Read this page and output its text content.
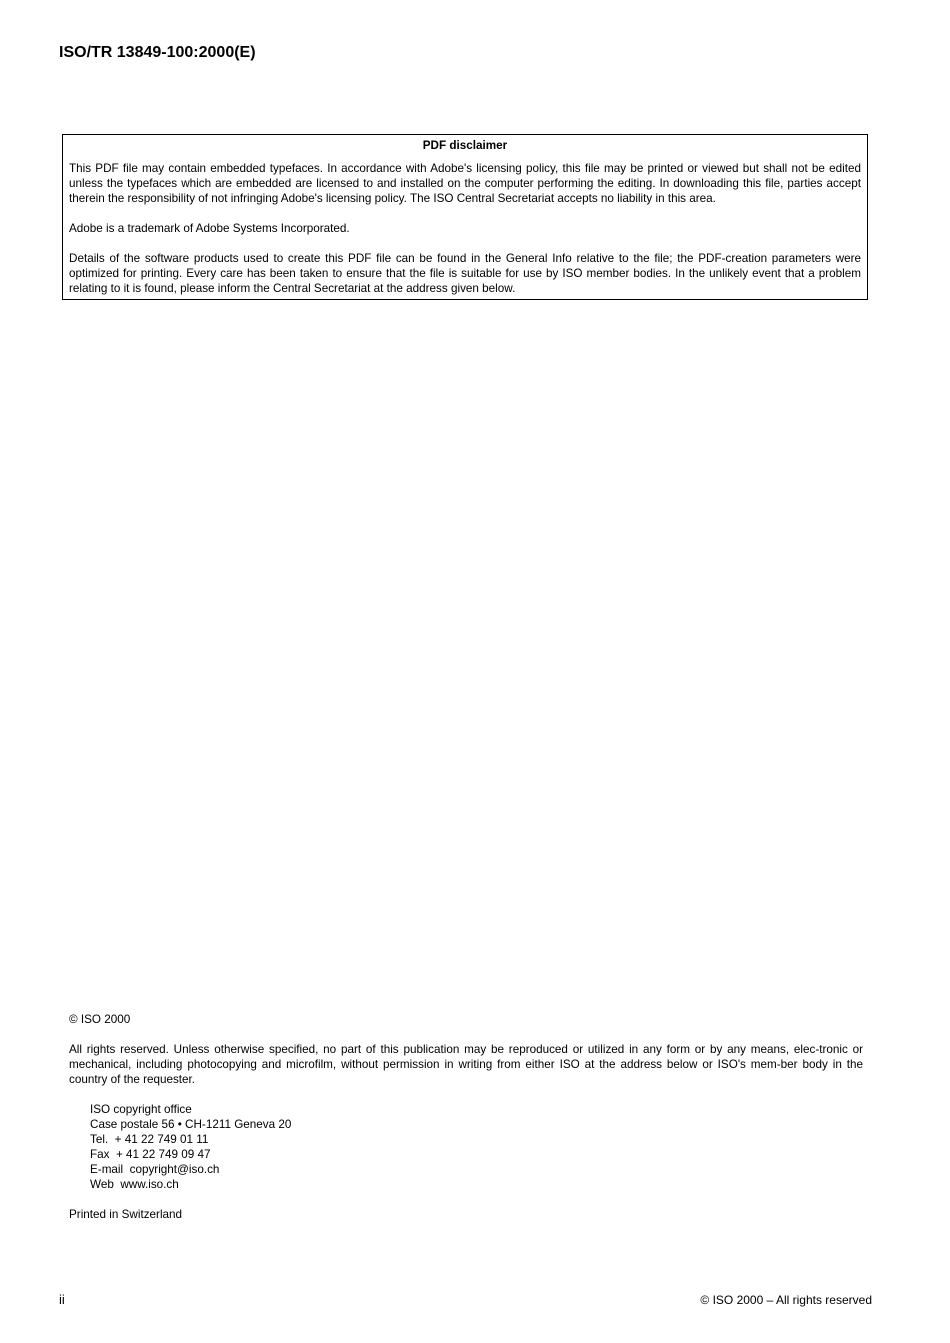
ISO/TR 13849-100:2000(E)
PDF disclaimer

This PDF file may contain embedded typefaces. In accordance with Adobe's licensing policy, this file may be printed or viewed but shall not be edited unless the typefaces which are embedded are licensed to and installed on the computer performing the editing. In downloading this file, parties accept therein the responsibility of not infringing Adobe's licensing policy. The ISO Central Secretariat accepts no liability in this area.

Adobe is a trademark of Adobe Systems Incorporated.

Details of the software products used to create this PDF file can be found in the General Info relative to the file; the PDF-creation parameters were optimized for printing. Every care has been taken to ensure that the file is suitable for use by ISO member bodies. In the unlikely event that a problem relating to it is found, please inform the Central Secretariat at the address given below.

© ISO 2000

All rights reserved. Unless otherwise specified, no part of this publication may be reproduced or utilized in any form or by any means, elec-tronic or mechanical, including photocopying and microfilm, without permission in writing from either ISO at the address below or ISO's mem-ber body in the country of the requester.

ISO copyright office
Case postale 56 • CH-1211 Geneva 20
Tel.  + 41 22 749 01 11
Fax  + 41 22 749 09 47
E-mail  copyright@iso.ch
Web  www.iso.ch

Printed in Switzerland

ii	© ISO 2000 – All rights reserved
